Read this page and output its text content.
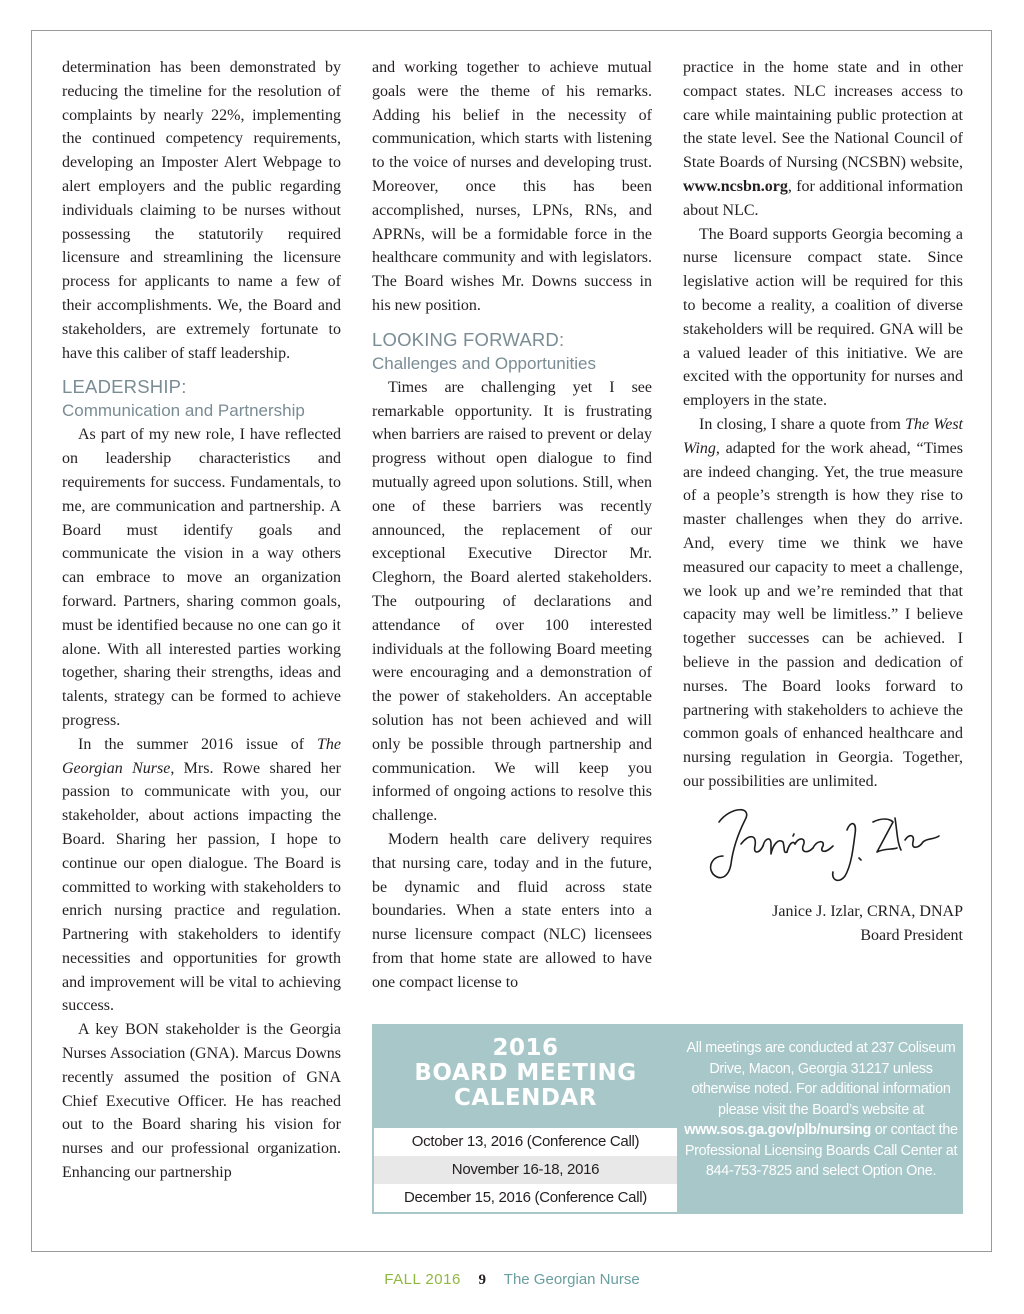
determination has been demonstrated by reducing the timeline for the resolution of complaints by nearly 22%, implementing the continued competency requirements, developing an Imposter Alert Webpage to alert employers and the public regarding individuals claiming to be nurses without possessing the statutorily required licensure and streamlining the licensure process for applicants to name a few of their accomplishments. We, the Board and stakeholders, are extremely fortunate to have this caliber of staff leadership.

LEADERSHIP:
Communication and Partnership

As part of my new role, I have reflected on leadership characteristics and requirements for success. Fundamentals, to me, are communication and partnership. A Board must identify goals and communicate the vision in a way others can embrace to move an organization forward. Partners, sharing common goals, must be identified because no one can go it alone. With all interested parties working together, sharing their strengths, ideas and talents, strategy can be formed to achieve progress.

In the summer 2016 issue of The Georgian Nurse, Mrs. Rowe shared her passion to communicate with you, our stakeholder, about actions impacting the Board. Sharing her passion, I hope to continue our open dialogue. The Board is committed to working with stakeholders to enrich nursing practice and regulation. Partnering with stakeholders to identify necessities and opportunities for growth and improvement will be vital to achieving success.

A key BON stakeholder is the Georgia Nurses Association (GNA). Marcus Downs recently assumed the position of GNA Chief Executive Officer. He has reached out to the Board sharing his vision for nurses and our professional organization. Enhancing our partnership

and working together to achieve mutual goals were the theme of his remarks. Adding his belief in the necessity of communication, which starts with listening to the voice of nurses and developing trust. Moreover, once this has been accomplished, nurses, LPNs, RNs, and APRNs, will be a formidable force in the healthcare community and with legislators. The Board wishes Mr. Downs success in his new position.

LOOKING FORWARD:
Challenges and Opportunities

Times are challenging yet I see remarkable opportunity. It is frustrating when barriers are raised to prevent or delay progress without open dialogue to find mutually agreed upon solutions. Still, when one of these barriers was recently announced, the replacement of our exceptional Executive Director Mr. Cleghorn, the Board alerted stakeholders. The outpouring of declarations and attendance of over 100 interested individuals at the following Board meeting were encouraging and a demonstration of the power of stakeholders. An acceptable solution has not been achieved and will only be possible through partnership and communication. We will keep you informed of ongoing actions to resolve this challenge.

Modern health care delivery requires that nursing care, today and in the future, be dynamic and fluid across state boundaries. When a state enters into a nurse licensure compact (NLC) licensees from that home state are allowed to have one compact license to

practice in the home state and in other compact states. NLC increases access to care while maintaining public protection at the state level. See the National Council of State Boards of Nursing (NCSBN) website, www.ncsbn.org, for additional information about NLC.

The Board supports Georgia becoming a nurse licensure compact state. Since legislative action will be required for this to become a reality, a coalition of diverse stakeholders will be required. GNA will be a valued leader of this initiative. We are excited with the opportunity for nurses and employers in the state.

In closing, I share a quote from The West Wing, adapted for the work ahead, “Times are indeed changing. Yet, the true measure of a people’s strength is how they rise to master challenges when they do arrive. And, every time we think we have measured our capacity to meet a challenge, we look up and we’re reminded that that capacity may well be limitless.” I believe together successes can be achieved. I believe in the passion and dedication of nurses. The Board looks forward to partnering with stakeholders to achieve the common goals of enhanced healthcare and nursing regulation in Georgia. Together, our possibilities are unlimited.

Janice J. Izlar, CRNA, DNAP
Board President
2016
BOARD MEETING
CALENDAR
October 13, 2016 (Conference Call)
November 16-18, 2016
December 15, 2016 (Conference Call)
All meetings are conducted at 237 Coliseum Drive, Macon, Georgia 31217 unless otherwise noted. For additional information please visit the Board’s website at www.sos.ga.gov/plb/nursing or contact the Professional Licensing Boards Call Center at 844-753-7825 and select Option One.
FALL 2016 9 The Georgian Nurse
